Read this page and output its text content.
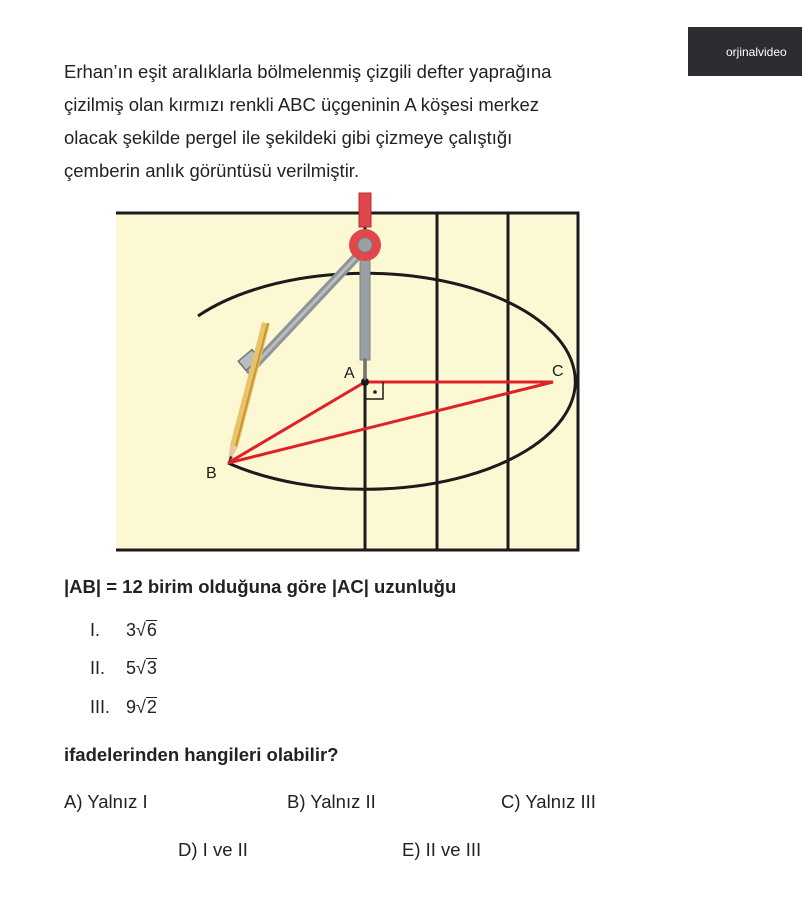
orjinalvideo
Erhan’ın eşit aralıklarla bölmelenmiş çizgili defter yaprağına
çizilmiş olan kırmızı renkli ABC üçgeninin A köşesi merkez
olacak şekilde pergel ile şekildeki gibi çizmeye çalıştığı
çemberin anlık görüntüsü verilmiştir.
A	C
B
|AB| = 12 birim olduğuna göre |AC| uzunluğu
I. 3√6
II. 5√3
III. 9√2
ifadelerinden hangileri olabilir?
A) Yalnız I	B) Yalnız II	C) Yalnız III
D) I ve II	E) II ve III
